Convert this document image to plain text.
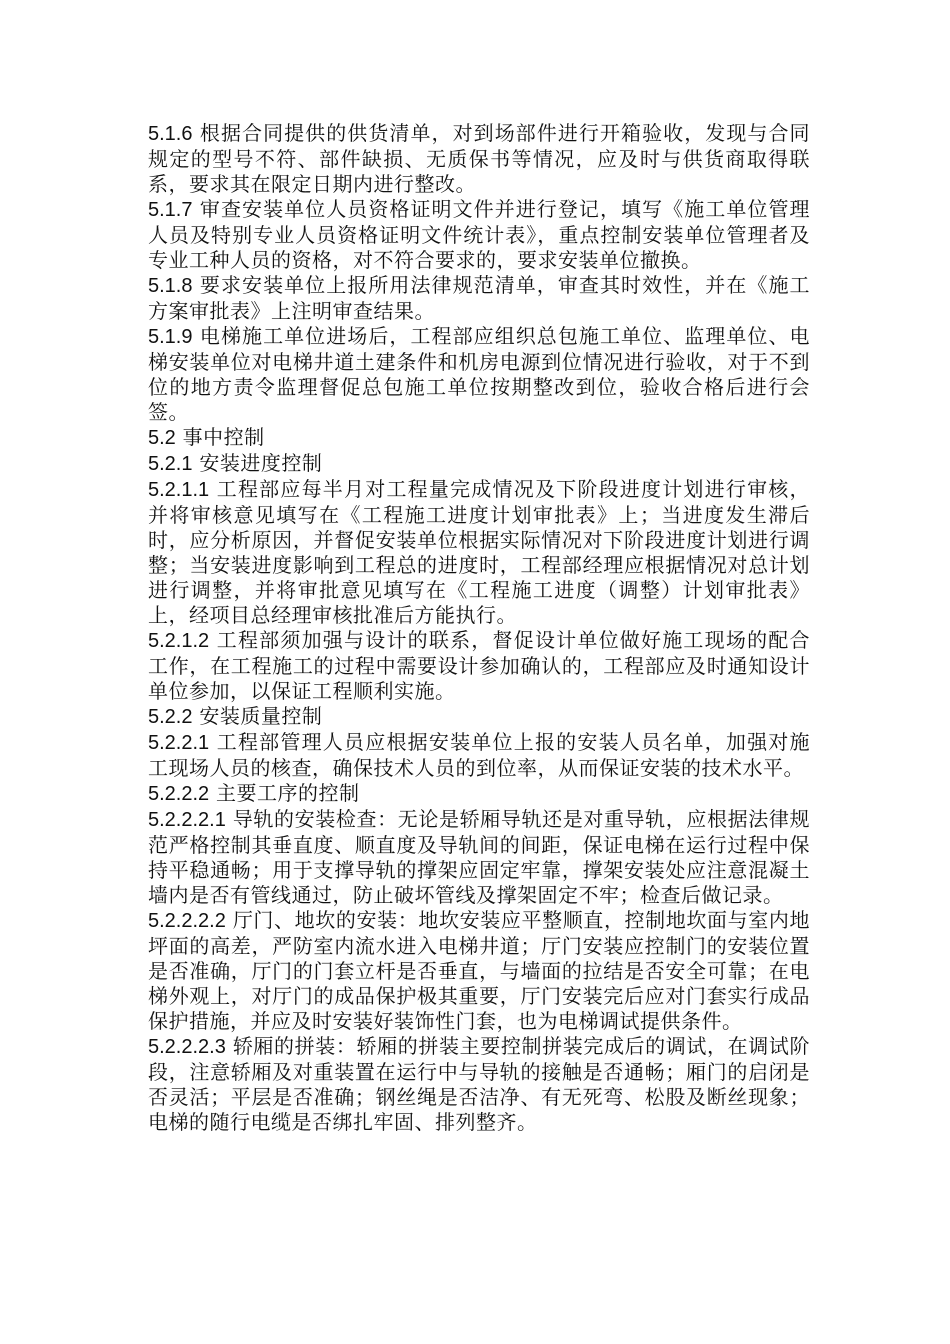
5.1.6 根据合同提供的供货清单，对到场部件进行开箱验收，发现与合同规定的型号不符、部件缺损、无质保书等情况，应及时与供货商取得联系，要求其在限定日期内进行整改。

5.1.7 审查安装单位人员资格证明文件并进行登记，填写《施工单位管理人员及特别专业人员资格证明文件统计表》，重点控制安装单位管理者及专业工种人员的资格，对不符合要求的，要求安装单位撤换。

5.1.8 要求安装单位上报所用法律规范清单，审查其时效性，并在《施工方案审批表》上注明审查结果。

5.1.9 电梯施工单位进场后，工程部应组织总包施工单位、监理单位、电梯安装单位对电梯井道土建条件和机房电源到位情况进行验收，对于不到位的地方责令监理督促总包施工单位按期整改到位，验收合格后进行会签。

5.2 事中控制

5.2.1 安装进度控制

5.2.1.1 工程部应每半月对工程量完成情况及下阶段进度计划进行审核，并将审核意见填写在《工程施工进度计划审批表》上；当进度发生滞后时，应分析原因，并督促安装单位根据实际情况对下阶段进度计划进行调整；当安装进度影响到工程总的进度时，工程部经理应根据情况对总计划进行调整，并将审批意见填写在《工程施工进度（调整）计划审批表》上，经项目总经理审核批准后方能执行。

5.2.1.2 工程部须加强与设计的联系，督促设计单位做好施工现场的配合工作，在工程施工的过程中需要设计参加确认的，工程部应及时通知设计单位参加，以保证工程顺利实施。

5.2.2 安装质量控制

5.2.2.1 工程部管理人员应根据安装单位上报的安装人员名单，加强对施工现场人员的核查，确保技术人员的到位率，从而保证安装的技术水平。

5.2.2.2 主要工序的控制

5.2.2.2.1 导轨的安装检查：无论是轿厢导轨还是对重导轨，应根据法律规范严格控制其垂直度、顺直度及导轨间的间距，保证电梯在运行过程中保持平稳通畅；用于支撑导轨的撑架应固定牢靠，撑架安装处应注意混凝土墙内是否有管线通过，防止破坏管线及撑架固定不牢；检查后做记录。

5.2.2.2.2 厅门、地坎的安装：地坎安装应平整顺直，控制地坎面与室内地坪面的高差，严防室内流水进入电梯井道；厅门安装应控制门的安装位置是否准确，厅门的门套立杆是否垂直，与墙面的拉结是否安全可靠；在电梯外观上，对厅门的成品保护极其重要，厅门安装完后应对门套实行成品保护措施，并应及时安装好装饰性门套，也为电梯调试提供条件。

5.2.2.2.3 轿厢的拼装：轿厢的拼装主要控制拼装完成后的调试，在调试阶段，注意轿厢及对重装置在运行中与导轨的接触是否通畅；厢门的启闭是否灵活；平层是否准确；钢丝绳是否洁净、有无死弯、松股及断丝现象；电梯的随行电缆是否绑扎牢固、排列整齐。
